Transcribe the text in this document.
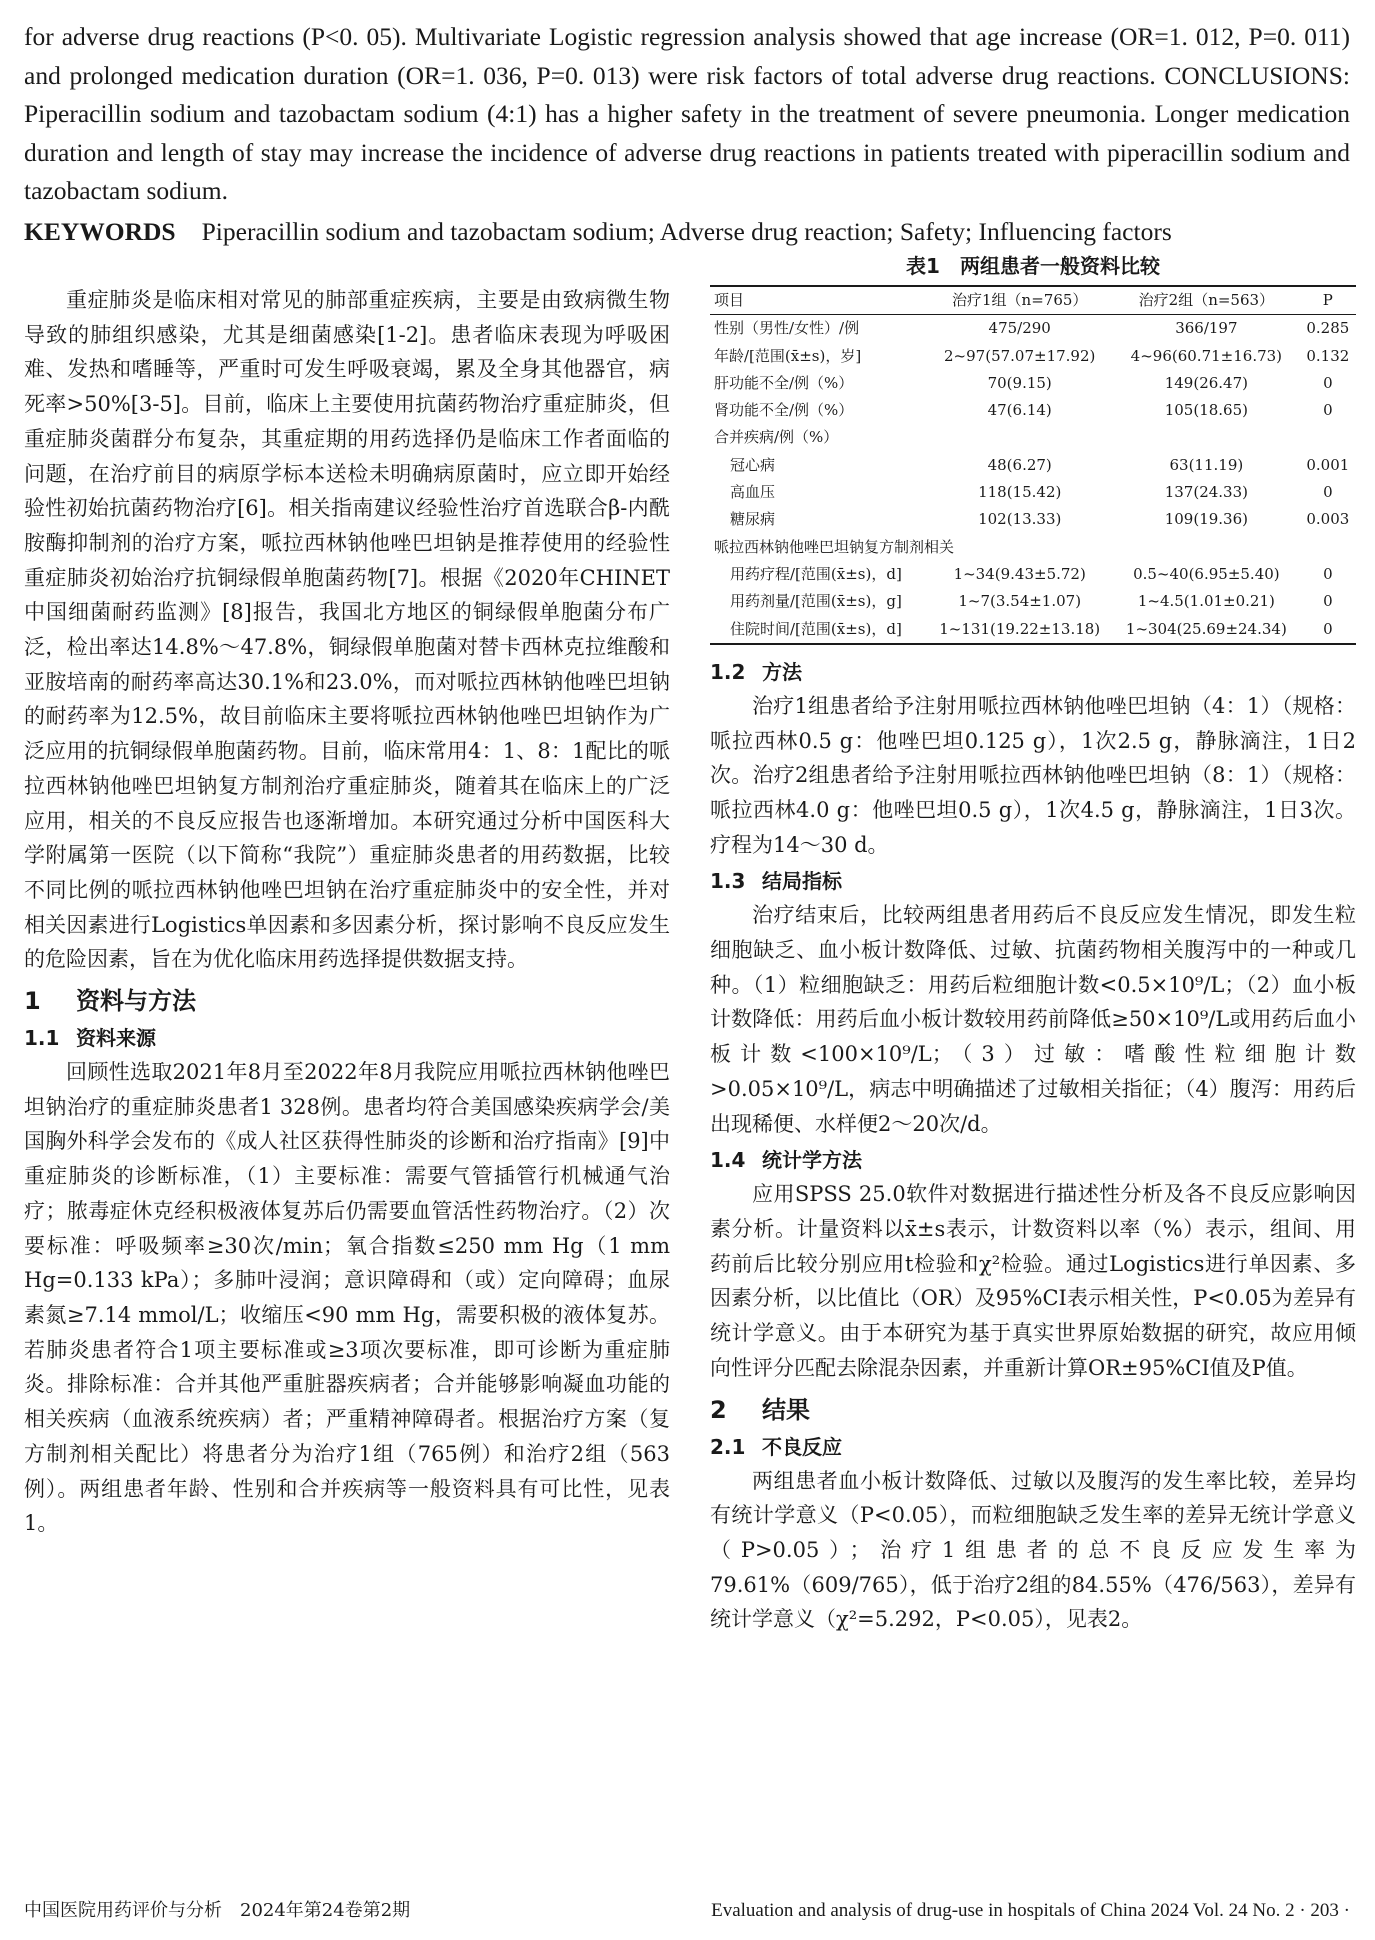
for adverse drug reactions (P<0. 05). Multivariate Logistic regression analysis showed that age increase (OR=1. 012, P=0. 011) and prolonged medication duration (OR=1. 036, P=0. 013) were risk factors of total adverse drug reactions. CONCLUSIONS: Piperacillin sodium and tazobactam sodium (4:1) has a higher safety in the treatment of severe pneumonia. Longer medication duration and length of stay may increase the incidence of adverse drug reactions in patients treated with piperacillin sodium and tazobactam sodium.

KEYWORDS Piperacillin sodium and tazobactam sodium; Adverse drug reaction; Safety; Influencing factors

重症肺炎是临床相对常见的肺部重症疾病，主要是由致病微生物导致的肺组织感染，尤其是细菌感染[1-2]。患者临床表现为呼吸困难、发热和嗜睡等，严重时可发生呼吸衰竭，累及全身其他器官，病死率>50%[3-5]。目前，临床上主要使用抗菌药物治疗重症肺炎，但重症肺炎菌群分布复杂，其重症期的用药选择仍是临床工作者面临的问题，在治疗前目的病原学标本送检未明确病原菌时，应立即开始经验性初始抗菌药物治疗[6]。相关指南建议经验性治疗首选联合β-内酰胺酶抑制剂的治疗方案，哌拉西林钠他唑巴坦钠是推荐使用的经验性重症肺炎初始治疗抗铜绿假单胞菌药物[7]。根据《2020年CHINET中国细菌耐药监测》[8]报告，我国北方地区的铜绿假单胞菌分布广泛，检出率达14.8%～47.8%，铜绿假单胞菌对替卡西林克拉维酸和亚胺培南的耐药率高达30.1%和23.0%，而对哌拉西林钠他唑巴坦钠的耐药率为12.5%，故目前临床主要将哌拉西林钠他唑巴坦钠作为广泛应用的抗铜绿假单胞菌药物。目前，临床常用4：1、8：1配比的哌拉西林钠他唑巴坦钠复方制剂治疗重症肺炎，随着其在临床上的广泛应用，相关的不良反应报告也逐渐增加。本研究通过分析中国医科大学附属第一医院（以下简称“我院”）重症肺炎患者的用药数据，比较不同比例的哌拉西林钠他唑巴坦钠在治疗重症肺炎中的安全性，并对相关因素进行Logistics单因素和多因素分析，探讨影响不良反应发生的危险因素，旨在为优化临床用药选择提供数据支持。

1 资料与方法
1.1 资料来源

回顾性选取2021年8月至2022年8月我院应用哌拉西林钠他唑巴坦钠治疗的重症肺炎患者1 328例。患者均符合美国感染疾病学会/美国胸外科学会发布的《成人社区获得性肺炎的诊断和治疗指南》[9]中重症肺炎的诊断标准，（1）主要标准：需要气管插管行机械通气治疗；脓毒症休克经积极液体复苏后仍需要血管活性药物治疗。（2）次要标准：呼吸频率≥30次/min；氧合指数≤250 mm Hg（1 mm Hg=0.133 kPa）；多肺叶浸润；意识障碍和（或）定向障碍；血尿素氮≥7.14 mmol/L；收缩压<90 mm Hg，需要积极的液体复苏。若肺炎患者符合1项主要标准或≥3项次要标准，即可诊断为重症肺炎。排除标准：合并其他严重脏器疾病者；合并能够影响凝血功能的相关疾病（血液系统疾病）者；严重精神障碍者。根据治疗方案（复方制剂相关配比）将患者分为治疗1组（765例）和治疗2组（563例）。两组患者年龄、性别和合并疾病等一般资料具有可比性，见表1。

表1　两组患者一般资料比较
项目	治疗1组（n=765）	治疗2组（n=563）	P
性别（男性/女性）/例	475/290	366/197	0.285
年龄/[范围(x̄±s)，岁]	2~97(57.07±17.92)	4~96(60.71±16.73)	0.132
肝功能不全/例（%）	70(9.15)	149(26.47)	0
肾功能不全/例（%）	47(6.14)	105(18.65)	0
合并疾病/例（%）			
冠心病	48(6.27)	63(11.19)	0.001
高血压	118(15.42)	137(24.33)	0
糖尿病	102(13.33)	109(19.36)	0.003
哌拉西林钠他唑巴坦钠复方制剂相关			
用药疗程/[范围(x̄±s)，d]	1~34(9.43±5.72)	0.5~40(6.95±5.40)	0
用药剂量/[范围(x̄±s)，g]	1~7(3.54±1.07)	1~4.5(1.01±0.21)	0
住院时间/[范围(x̄±s)，d]	1~131(19.22±13.18)	1~304(25.69±24.34)	0
1.2 方法

治疗1组患者给予注射用哌拉西林钠他唑巴坦钠（4：1）（规格：哌拉西林0.5 g：他唑巴坦0.125 g），1次2.5 g，静脉滴注，1日2次。治疗2组患者给予注射用哌拉西林钠他唑巴坦钠（8：1）（规格：哌拉西林4.0 g：他唑巴坦0.5 g），1次4.5 g，静脉滴注，1日3次。疗程为14～30 d。

1.3 结局指标

治疗结束后，比较两组患者用药后不良反应发生情况，即发生粒细胞缺乏、血小板计数降低、过敏、抗菌药物相关腹泻中的一种或几种。（1）粒细胞缺乏：用药后粒细胞计数<0.5×10⁹/L；（2）血小板计数降低：用药后血小板计数较用药前降低≥50×10⁹/L或用药后血小板计数<100×10⁹/L；（3）过敏：嗜酸性粒细胞计数>0.05×10⁹/L，病志中明确描述了过敏相关指征；（4）腹泻：用药后出现稀便、水样便2～20次/d。

1.4 统计学方法

应用SPSS 25.0软件对数据进行描述性分析及各不良反应影响因素分析。计量资料以x̄±s表示，计数资料以率（%）表示，组间、用药前后比较分别应用t检验和χ²检验。通过Logistics进行单因素、多因素分析，以比值比（OR）及95%CI表示相关性，P<0.05为差异有统计学意义。由于本研究为基于真实世界原始数据的研究，故应用倾向性评分匹配去除混杂因素，并重新计算OR±95%CI值及P值。

2 结果
2.1 不良反应

两组患者血小板计数降低、过敏以及腹泻的发生率比较，差异均有统计学意义（P<0.05），而粒细胞缺乏发生率的差异无统计学意义（P>0.05）；治疗1组患者的总不良反应发生率为79.61%（609/765），低于治疗2组的84.55%（476/563），差异有统计学意义（χ²=5.292，P<0.05），见表2。

中国医院用药评价与分析　2024年第24卷第2期	Evaluation and analysis of drug-use in hospitals of China 2024 Vol. 24 No. 2 · 203 ·
